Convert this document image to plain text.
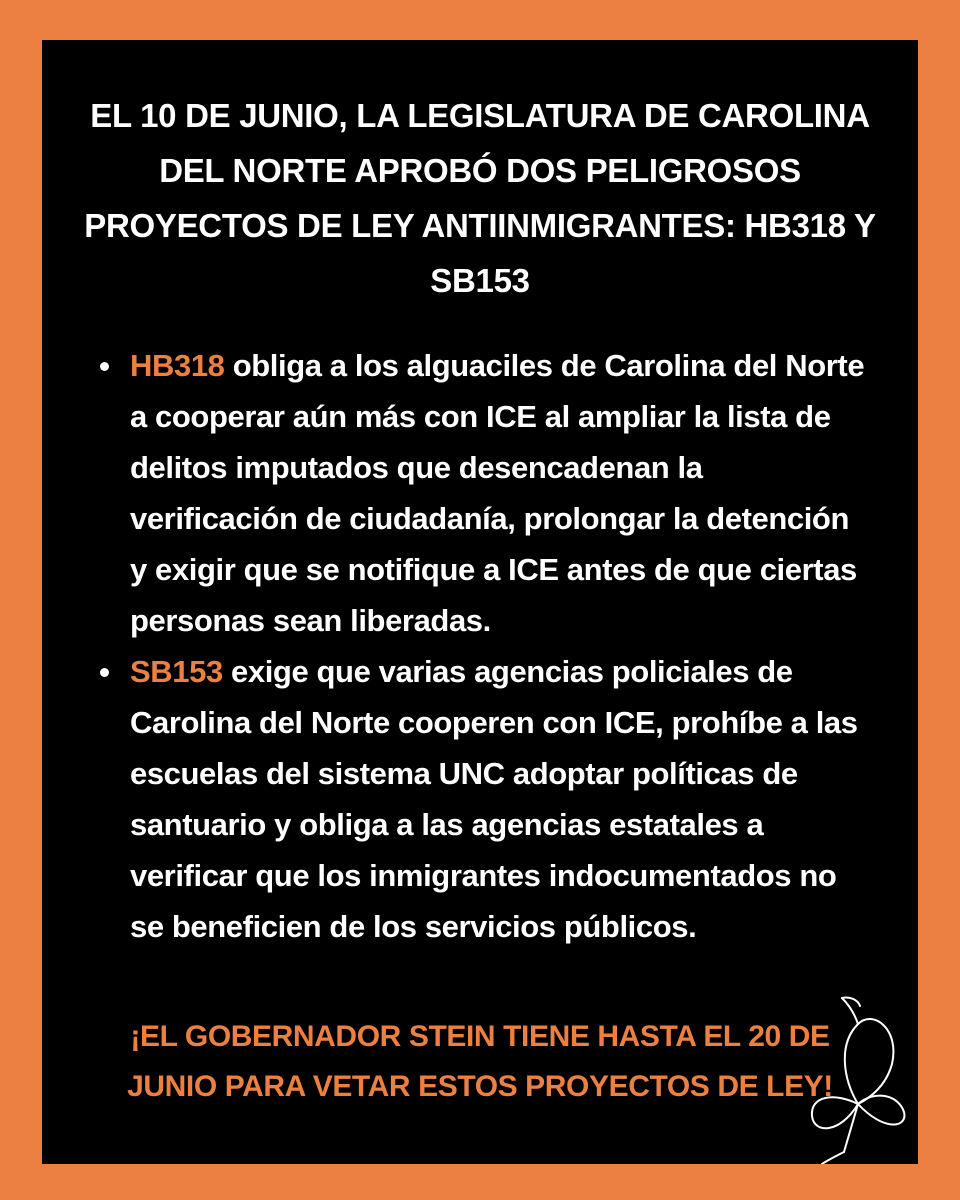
EL 10 DE JUNIO, LA LEGISLATURA DE CAROLINA DEL NORTE APROBÓ DOS PELIGROSOS PROYECTOS DE LEY ANTIINMIGRANTES: HB318 Y SB153
HB318 obliga a los alguaciles de Carolina del Norte a cooperar aún más con ICE al ampliar la lista de delitos imputados que desencadenan la verificación de ciudadanía, prolongar la detención y exigir que se notifique a ICE antes de que ciertas personas sean liberadas.
SB153 exige que varias agencias policiales de Carolina del Norte cooperen con ICE, prohíbe a las escuelas del sistema UNC adoptar políticas de santuario y obliga a las agencias estatales a verificar que los inmigrantes indocumentados no se beneficien de los servicios públicos.

¡EL GOBERNADOR STEIN TIENE HASTA EL 20 DE JUNIO PARA VETAR ESTOS PROYECTOS DE LEY!
